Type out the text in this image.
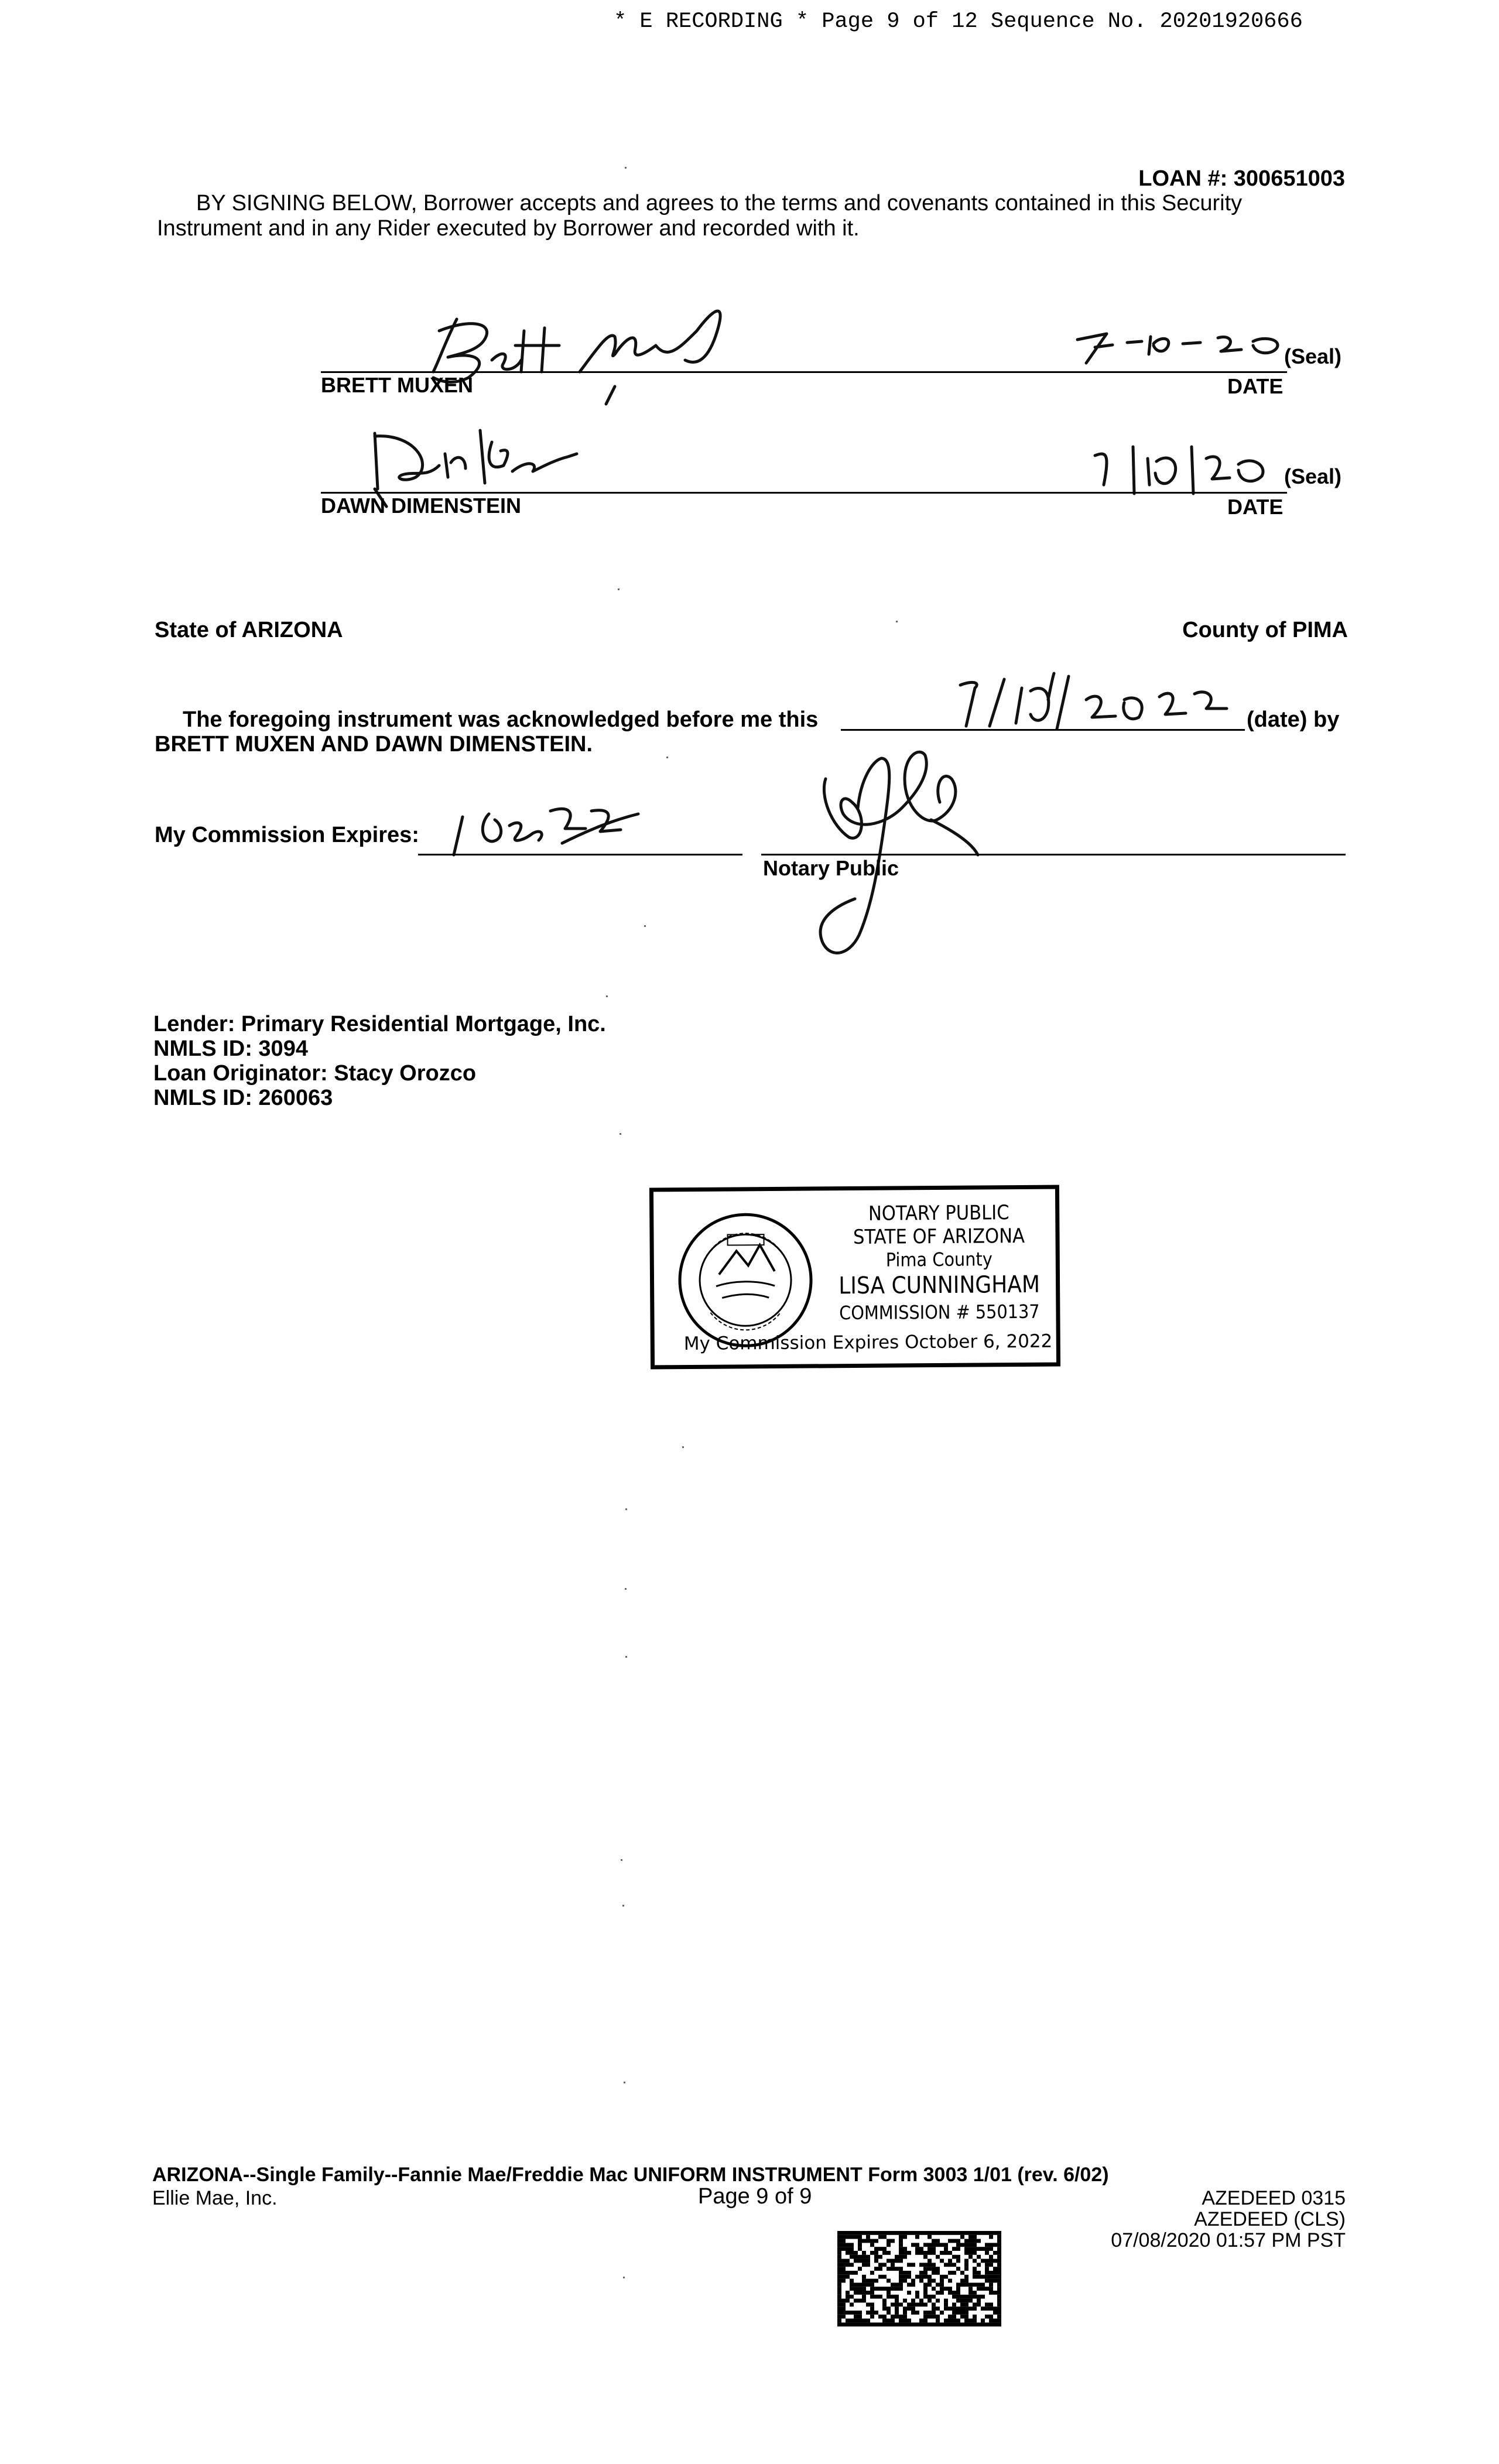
* E RECORDING * Page 9 of 12 Sequence No. 20201920666
LOAN #: 300651003
BY SIGNING BELOW, Borrower accepts and agrees to the terms and covenants contained in this Security
Instrument and in any Rider executed by Borrower and recorded with it.
(Seal)
BRETT MUXEN	DATE
(Seal)
DAWN DIMENSTEIN	DATE
State of ARIZONA	County of PIMA
The foregoing instrument was acknowledged before me this	(date) by
BRETT MUXEN AND DAWN DIMENSTEIN.
My Commission Expires:
Notary Public
Lender: Primary Residential Mortgage, Inc.
NMLS ID: 3094
Loan Originator: Stacy Orozco
NMLS ID: 260063
NOTARY PUBLIC
STATE OF ARIZONA
Pima County
LISA CUNNINGHAM
COMMISSION # 550137
My Commission Expires October 6, 2022
ARIZONA--Single Family--Fannie Mae/Freddie Mac UNIFORM INSTRUMENT Form 3003 1/01 (rev. 6/02)
Ellie Mae, Inc.	Page 9 of 9	AZEDEED 0315
AZEDEED (CLS)
07/08/2020 01:57 PM PST
